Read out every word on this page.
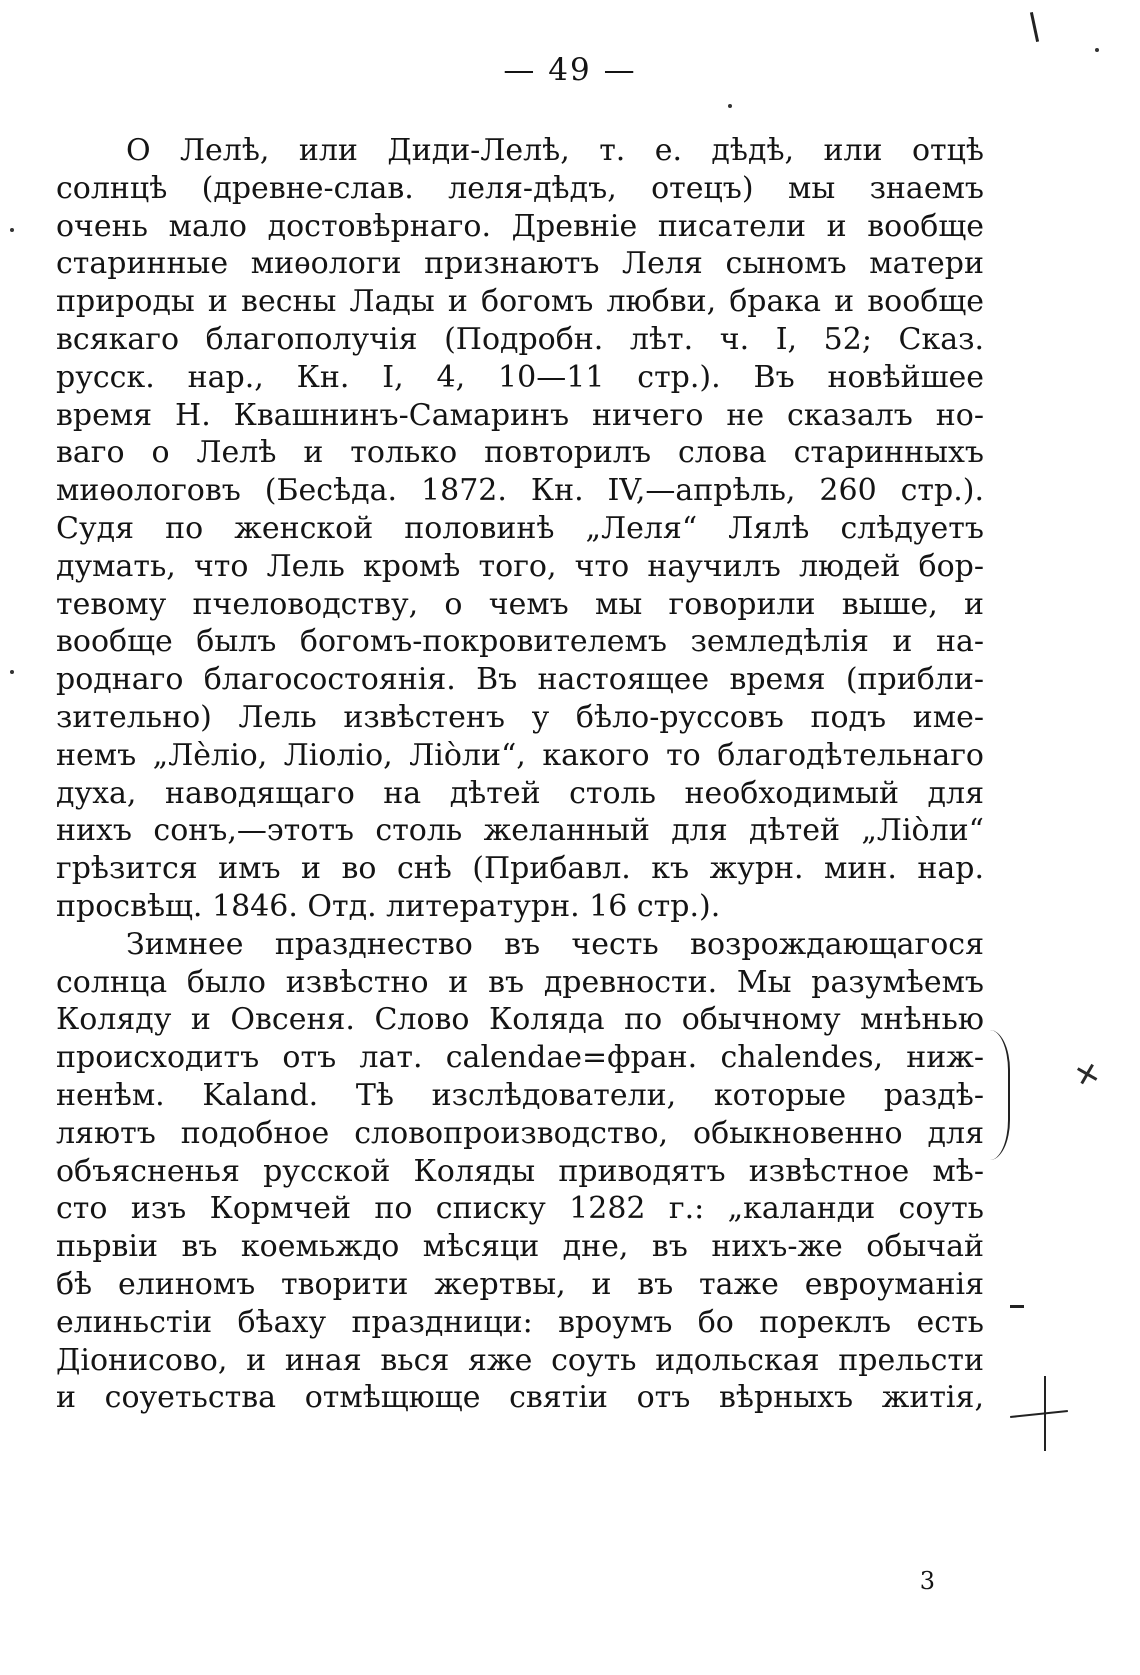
— 49 —

О Лелѣ, или Диди-Лелѣ, т. е. дѣдѣ, или отцѣ
солнцѣ (древне-слав. леля-дѣдъ, отецъ) мы знаемъ
очень мало достовѣрнаго. Древніе писатели и вообще
старинные миѳологи признаютъ Леля сыномъ матери
природы и весны Лады и богомъ любви, брака и вообще
всякаго благополучія (Подробн. лѣт. ч. I, 52; Сказ.
русск. нар., Кн. I, 4, 10—11 стр.). Въ новѣйшее
время Н. Квашнинъ-Самаринъ ничего не сказалъ но-
ваго о Лелѣ и только повторилъ слова старинныхъ
миѳологовъ (Бесѣда. 1872. Кн. IV,—апрѣль, 260 стр.).
Судя по женской половинѣ „Леля“ Лялѣ слѣдуетъ
думать, что Лель кромѣ того, что научилъ людей бор-
тевому пчеловодству, о чемъ мы говорили выше, и
вообще былъ богомъ-покровителемъ земледѣлія и на-
роднаго благосостоянія. Въ настоящее время (прибли-
зительно) Лель извѣстенъ у бѣло-руссовъ подъ име-
немъ „Лѐліо, Ліоліо, Ліо̀ли“, какого то благодѣтельнаго
духа, наводящаго на дѣтей столь необходимый для
нихъ сонъ,—этотъ столь желанный для дѣтей „Ліо̀ли“
грѣзится имъ и во снѣ (Прибавл. къ журн. мин. нар.
просвѣщ. 1846. Отд. литературн. 16 стр.).

Зимнее празднество въ честь возрождающагося
солнца было извѣстно и въ древности. Мы разумѣемъ
Коляду и Овсеня. Слово Коляда по обычному мнѣнью
происходитъ отъ лат. calendae=фран. chalendes, ниж-
ненѣм. Kaland. Тѣ изслѣдователи, которые раздѣ-
ляютъ подобное словопроизводство, обыкновенно для
объясненья русской Коляды приводятъ извѣстное мѣ-
сто изъ Кормчей по списку 1282 г.: „каланди соуть
пьрвіи въ коемьждо мѣсяци дне, въ нихъ-же обычай
бѣ елиномъ творити жертвы, и въ таже евроуманія
елиньстіи бѣаху праздници: вроумъ бо пореклъ есть
Діонисово, и иная вься яже соуть идольская прельсти
и соуетьства отмѣщюще святіи отъ вѣрныхъ житія,

3
✕
